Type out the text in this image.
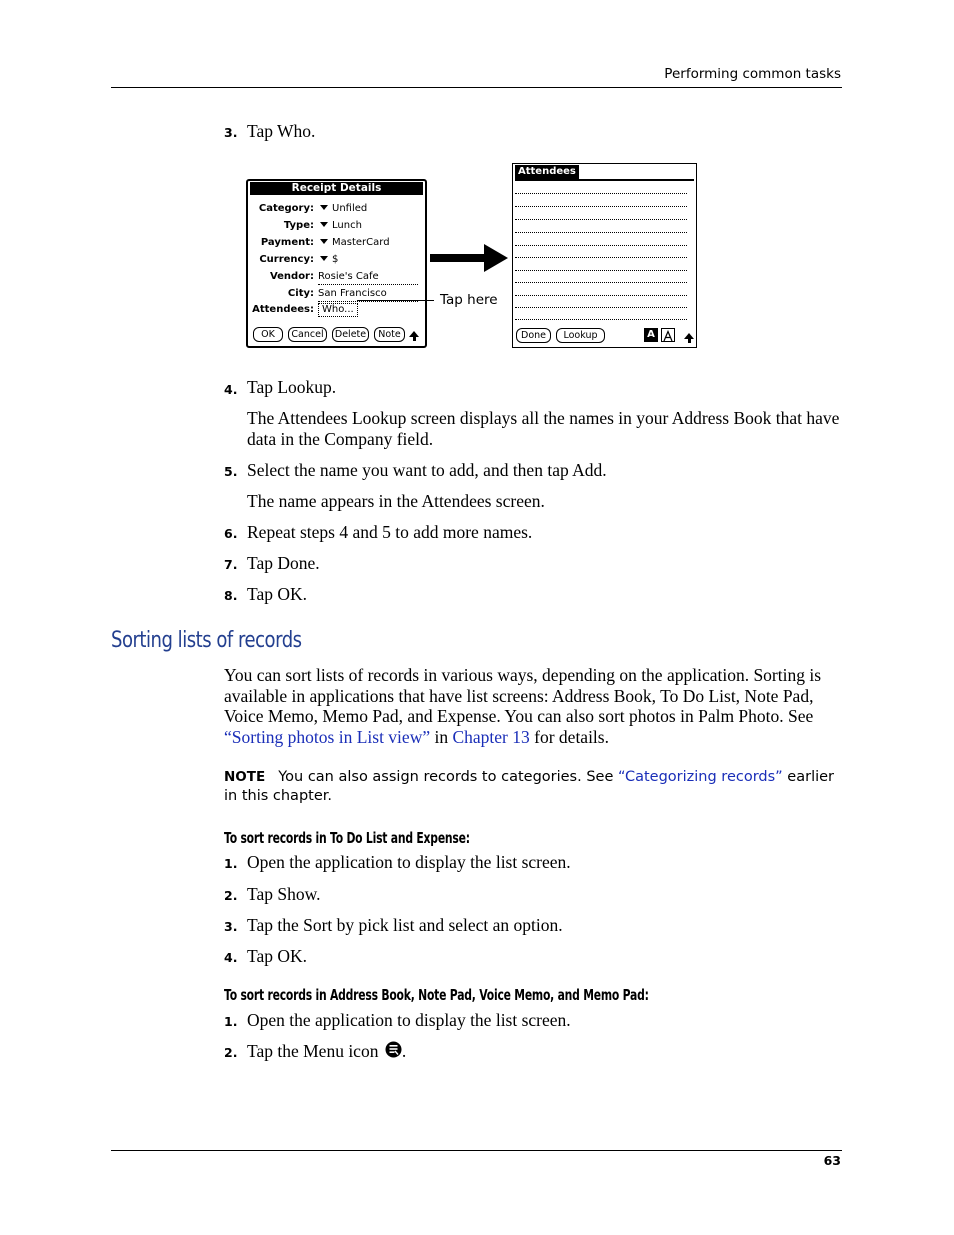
Performing common tasks
3. Tap Who.
Receipt Details
Category:	Unfiled
Type:	Lunch
Payment:	MasterCard
Currency:	$
Vendor: Rosie's Cafe
City: San Francisco
Attendees: Who...
OK	Cancel	Delete	Note
Tap here
Attendees
Done	Lookup	A
4. Tap Lookup.
The Attendees Lookup screen displays all the names in your Address Book that have data in the Company field.
5. Select the name you want to add, and then tap Add.
The name appears in the Attendees screen.
6. Repeat steps 4 and 5 to add more names.
7. Tap Done.
8. Tap OK.
Sorting lists of records
You can sort lists of records in various ways, depending on the application. Sorting is available in applications that have list screens: Address Book, To Do List, Note Pad, Voice Memo, Memo Pad, and Expense. You can also sort photos in Palm Photo. See “Sorting photos in List view” in Chapter 13 for details.
NOTE You can also assign records to categories. See “Categorizing records” earlier in this chapter.
To sort records in To Do List and Expense:
1. Open the application to display the list screen.
2. Tap Show.
3. Tap the Sort by pick list and select an option.
4. Tap OK.
To sort records in Address Book, Note Pad, Voice Memo, and Memo Pad:
1. Open the application to display the list screen.
2. Tap the Menu icon .
63
